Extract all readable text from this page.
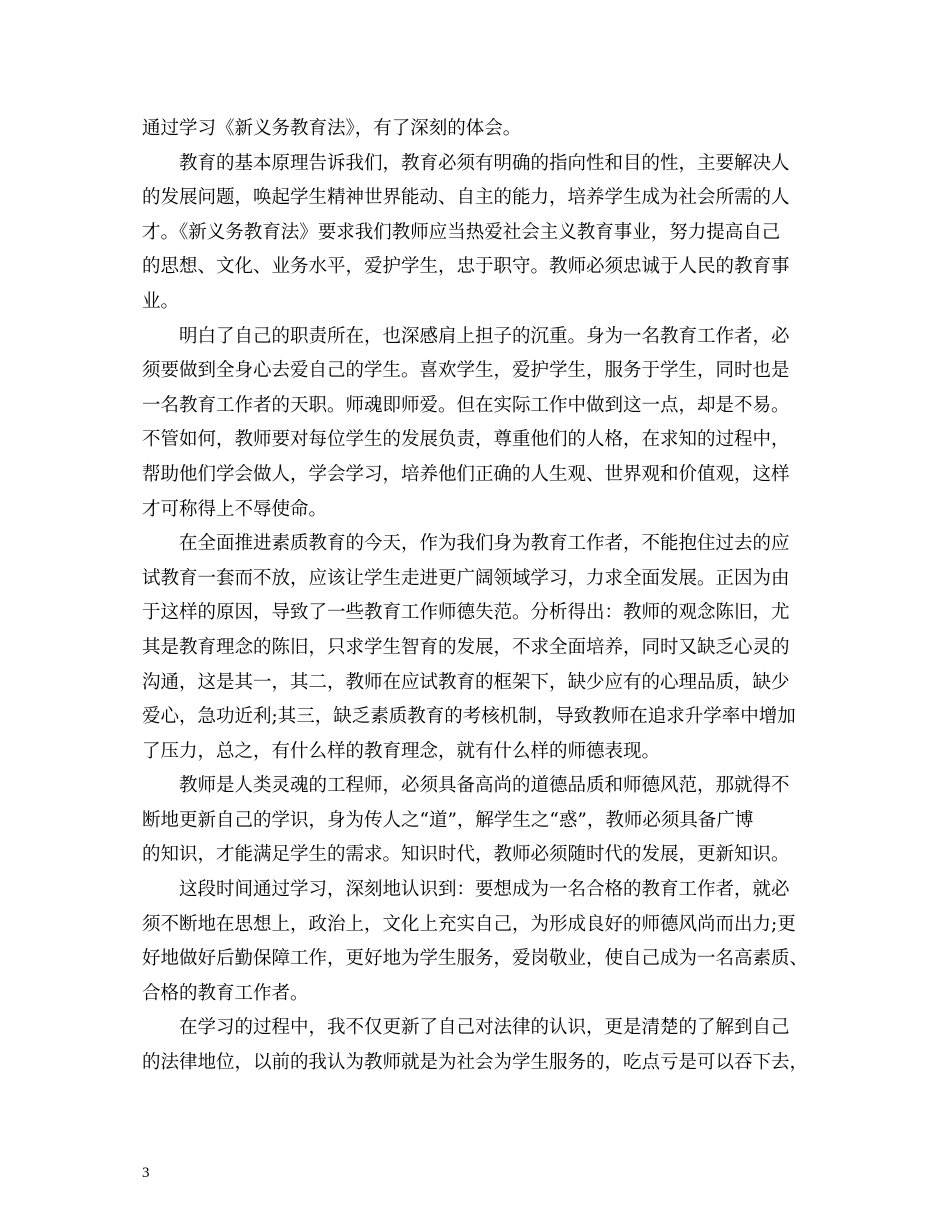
通过学习《新义务教育法》，有了深刻的体会。
教育的基本原理告诉我们，教育必须有明确的指向性和目的性，主要解决人
的发展问题，唤起学生精神世界能动、自主的能力，培养学生成为社会所需的人
才。《新义务教育法》要求我们教师应当热爱社会主义教育事业，努力提高自己
的思想、文化、业务水平，爱护学生，忠于职守。教师必须忠诚于人民的教育事
业。
明白了自己的职责所在，也深感肩上担子的沉重。身为一名教育工作者，必
须要做到全身心去爱自己的学生。喜欢学生，爱护学生，服务于学生，同时也是
一名教育工作者的天职。师魂即师爱。但在实际工作中做到这一点，却是不易。
不管如何，教师要对每位学生的发展负责，尊重他们的人格，在求知的过程中，
帮助他们学会做人，学会学习，培养他们正确的人生观、世界观和价值观，这样
才可称得上不辱使命。
在全面推进素质教育的今天，作为我们身为教育工作者，不能抱住过去的应
试教育一套而不放，应该让学生走进更广阔领域学习，力求全面发展。正因为由
于这样的原因，导致了一些教育工作师德失范。分析得出：教师的观念陈旧，尤
其是教育理念的陈旧，只求学生智育的发展，不求全面培养，同时又缺乏心灵的
沟通，这是其一，其二，教师在应试教育的框架下，缺少应有的心理品质，缺少
爱心，急功近利;其三，缺乏素质教育的考核机制，导致教师在追求升学率中增加
了压力，总之，有什么样的教育理念，就有什么样的师德表现。
教师是人类灵魂的工程师，必须具备高尚的道德品质和师德风范，那就得不
断地更新自己的学识，身为传人之“道”，解学生之“惑”，教师必须具备广博
的知识，才能满足学生的需求。知识时代，教师必须随时代的发展，更新知识。
这段时间通过学习，深刻地认识到：要想成为一名合格的教育工作者，就必
须不断地在思想上，政治上，文化上充实自己，为形成良好的师德风尚而出力;更
好地做好后勤保障工作，更好地为学生服务，爱岗敬业，使自己成为一名高素质、
合格的教育工作者。
在学习的过程中，我不仅更新了自己对法律的认识，更是清楚的了解到自己
的法律地位，以前的我认为教师就是为社会为学生服务的，吃点亏是可以吞下去，
3
